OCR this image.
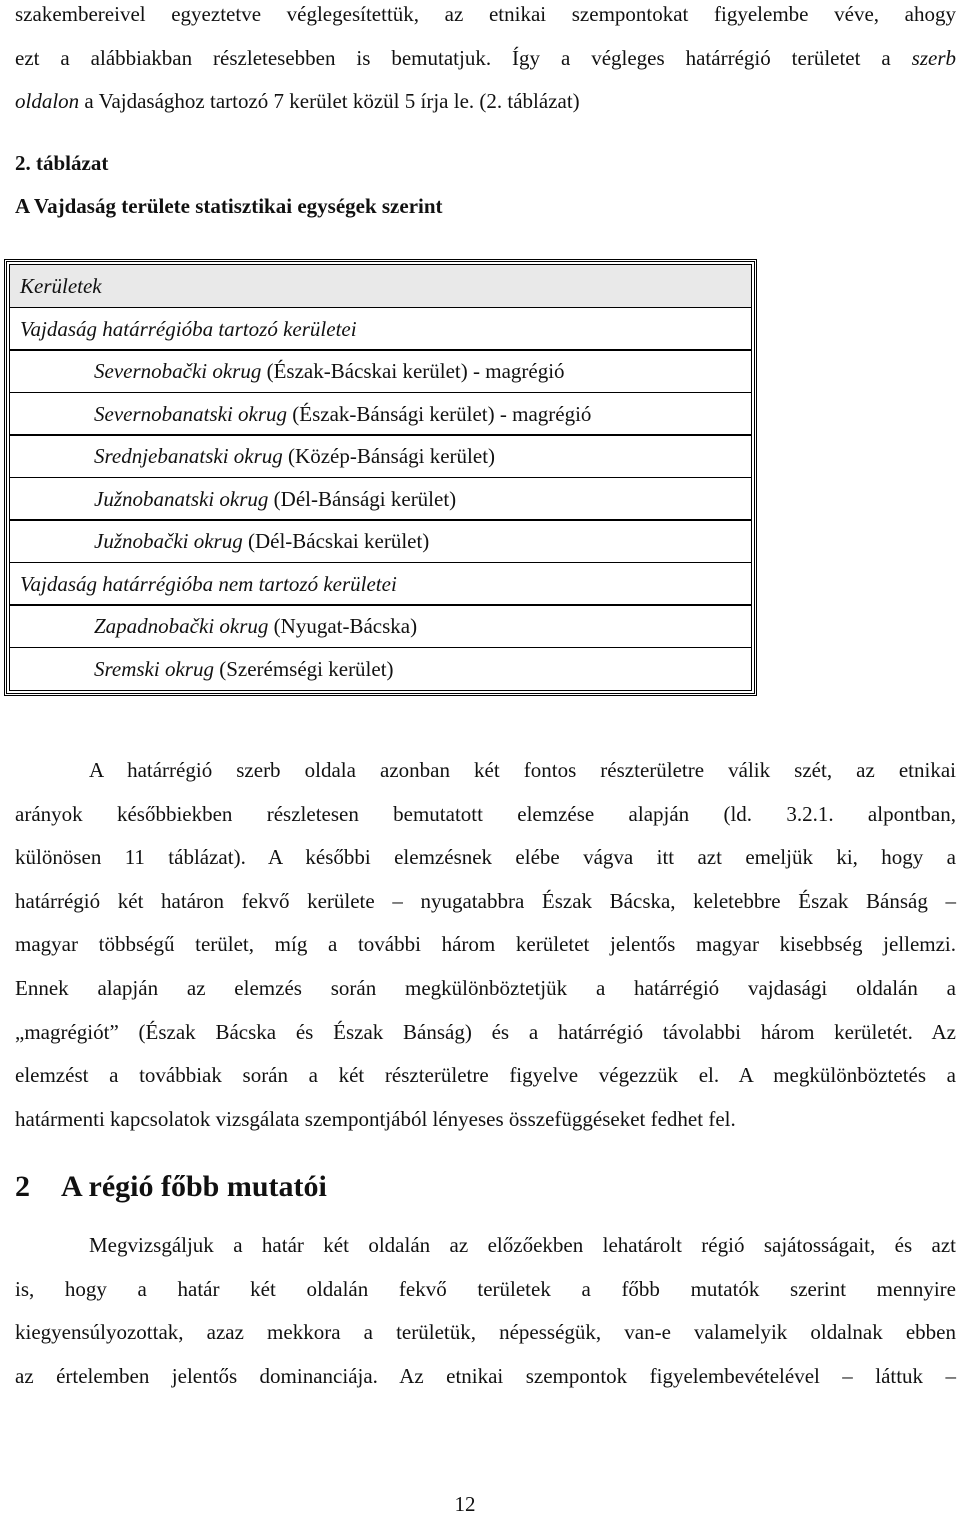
szakembereivel egyeztetve véglegesítettük, az etnikai szempontokat figyelembe véve, ahogy
ezt a alábbiakban részletesebben is bemutatjuk. Így a végleges határrégió területet a szerb
oldalon a Vajdasághoz tartozó 7 kerület közül 5 írja le. (2. táblázat)
2. táblázat
A Vajdaság területe statisztikai egységek szerint
Kerületek
Vajdaság határrégióba tartozó kerületei
Severnobački okrug (Észak-Bácskai kerület) - magrégió
Severnobanatski okrug (Észak-Bánsági kerület) - magrégió
Srednjebanatski okrug (Közép-Bánsági kerület)
Južnobanatski okrug (Dél-Bánsági kerület)
Južnobački okrug (Dél-Bácskai kerület)
Vajdaság határrégióba nem tartozó kerületei
Zapadnobački okrug (Nyugat-Bácska)
Sremski okrug (Szerémségi kerület)
A határrégió szerb oldala azonban két fontos részterületre válik szét, az etnikai
arányok későbbiekben részletesen bemutatott elemzése alapján (ld. 3.2.1. alpontban,
különösen 11 táblázat). A későbbi elemzésnek elébe vágva itt azt emeljük ki, hogy a
határrégió két határon fekvő kerülete – nyugatabbra Észak Bácska, keletebbre Észak Bánság –
magyar többségű terület, míg a további három kerületet jelentős magyar kisebbség jellemzi.
Ennek alapján az elemzés során megkülönböztetjük a határrégió vajdasági oldalán a
„magrégiót” (Észak Bácska és Észak Bánság) és a határrégió távolabbi három kerületét. Az
elemzést a továbbiak során a két részterületre figyelve végezzük el. A megkülönböztetés a
határmenti kapcsolatok vizsgálata szempontjából lényeses összefüggéseket fedhet fel.
2 A régió főbb mutatói
Megvizsgáljuk a határ két oldalán az előzőekben lehatárolt régió sajátosságait, és azt
is, hogy a határ két oldalán fekvő területek a főbb mutatók szerint mennyire
kiegyensúlyozottak, azaz mekkora a területük, népességük, van-e valamelyik oldalnak ebben
az értelemben jelentős dominanciája. Az etnikai szempontok figyelembevételével – láttuk –
12
